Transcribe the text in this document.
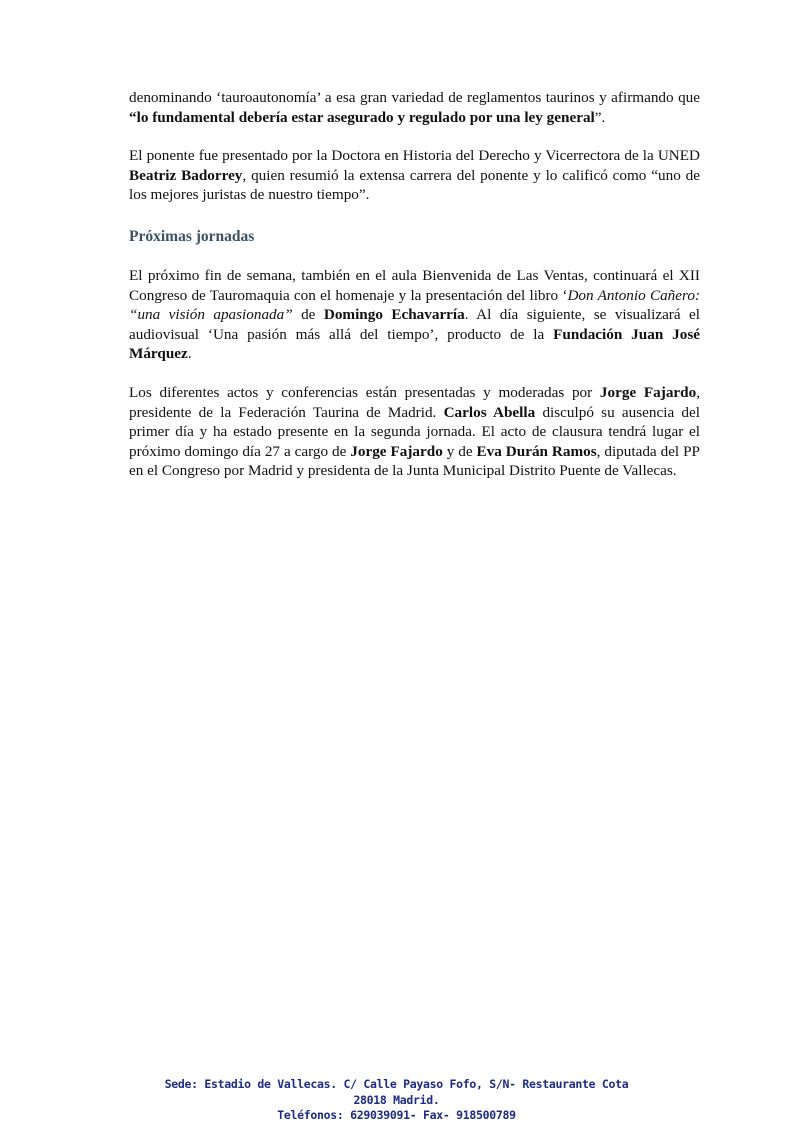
denominando ‘tauroautonomía’ a esa gran variedad de reglamentos taurinos y afirmando que “lo fundamental debería estar asegurado y regulado por una ley general”.

El ponente fue presentado por la Doctora en Historia del Derecho y Vicerrectora de la UNED Beatriz Badorrey, quien resumió la extensa carrera del ponente y lo calificó como “uno de los mejores juristas de nuestro tiempo”.

Próximas jornadas

El próximo fin de semana, también en el aula Bienvenida de Las Ventas, continuará el XII Congreso de Tauromaquia con el homenaje y la presentación del libro ‘Don Antonio Cañero: “una visión apasionada” de Domingo Echavarría. Al día siguiente, se visualizará el audiovisual ‘Una pasión más allá del tiempo’, producto de la Fundación Juan José Márquez.

Los diferentes actos y conferencias están presentadas y moderadas por Jorge Fajardo, presidente de la Federación Taurina de Madrid. Carlos Abella disculpó su ausencia del primer día y ha estado presente en la segunda jornada. El acto de clausura tendrá lugar el próximo domingo día 27 a cargo de Jorge Fajardo y de Eva Durán Ramos, diputada del PP en el Congreso por Madrid y presidenta de la Junta Municipal Distrito Puente de Vallecas.

Sede: Estadio de Vallecas. C/ Calle Payaso Fofo, S/N- Restaurante Cota
28018 Madrid.
Teléfonos: 629039091- Fax- 918500789
